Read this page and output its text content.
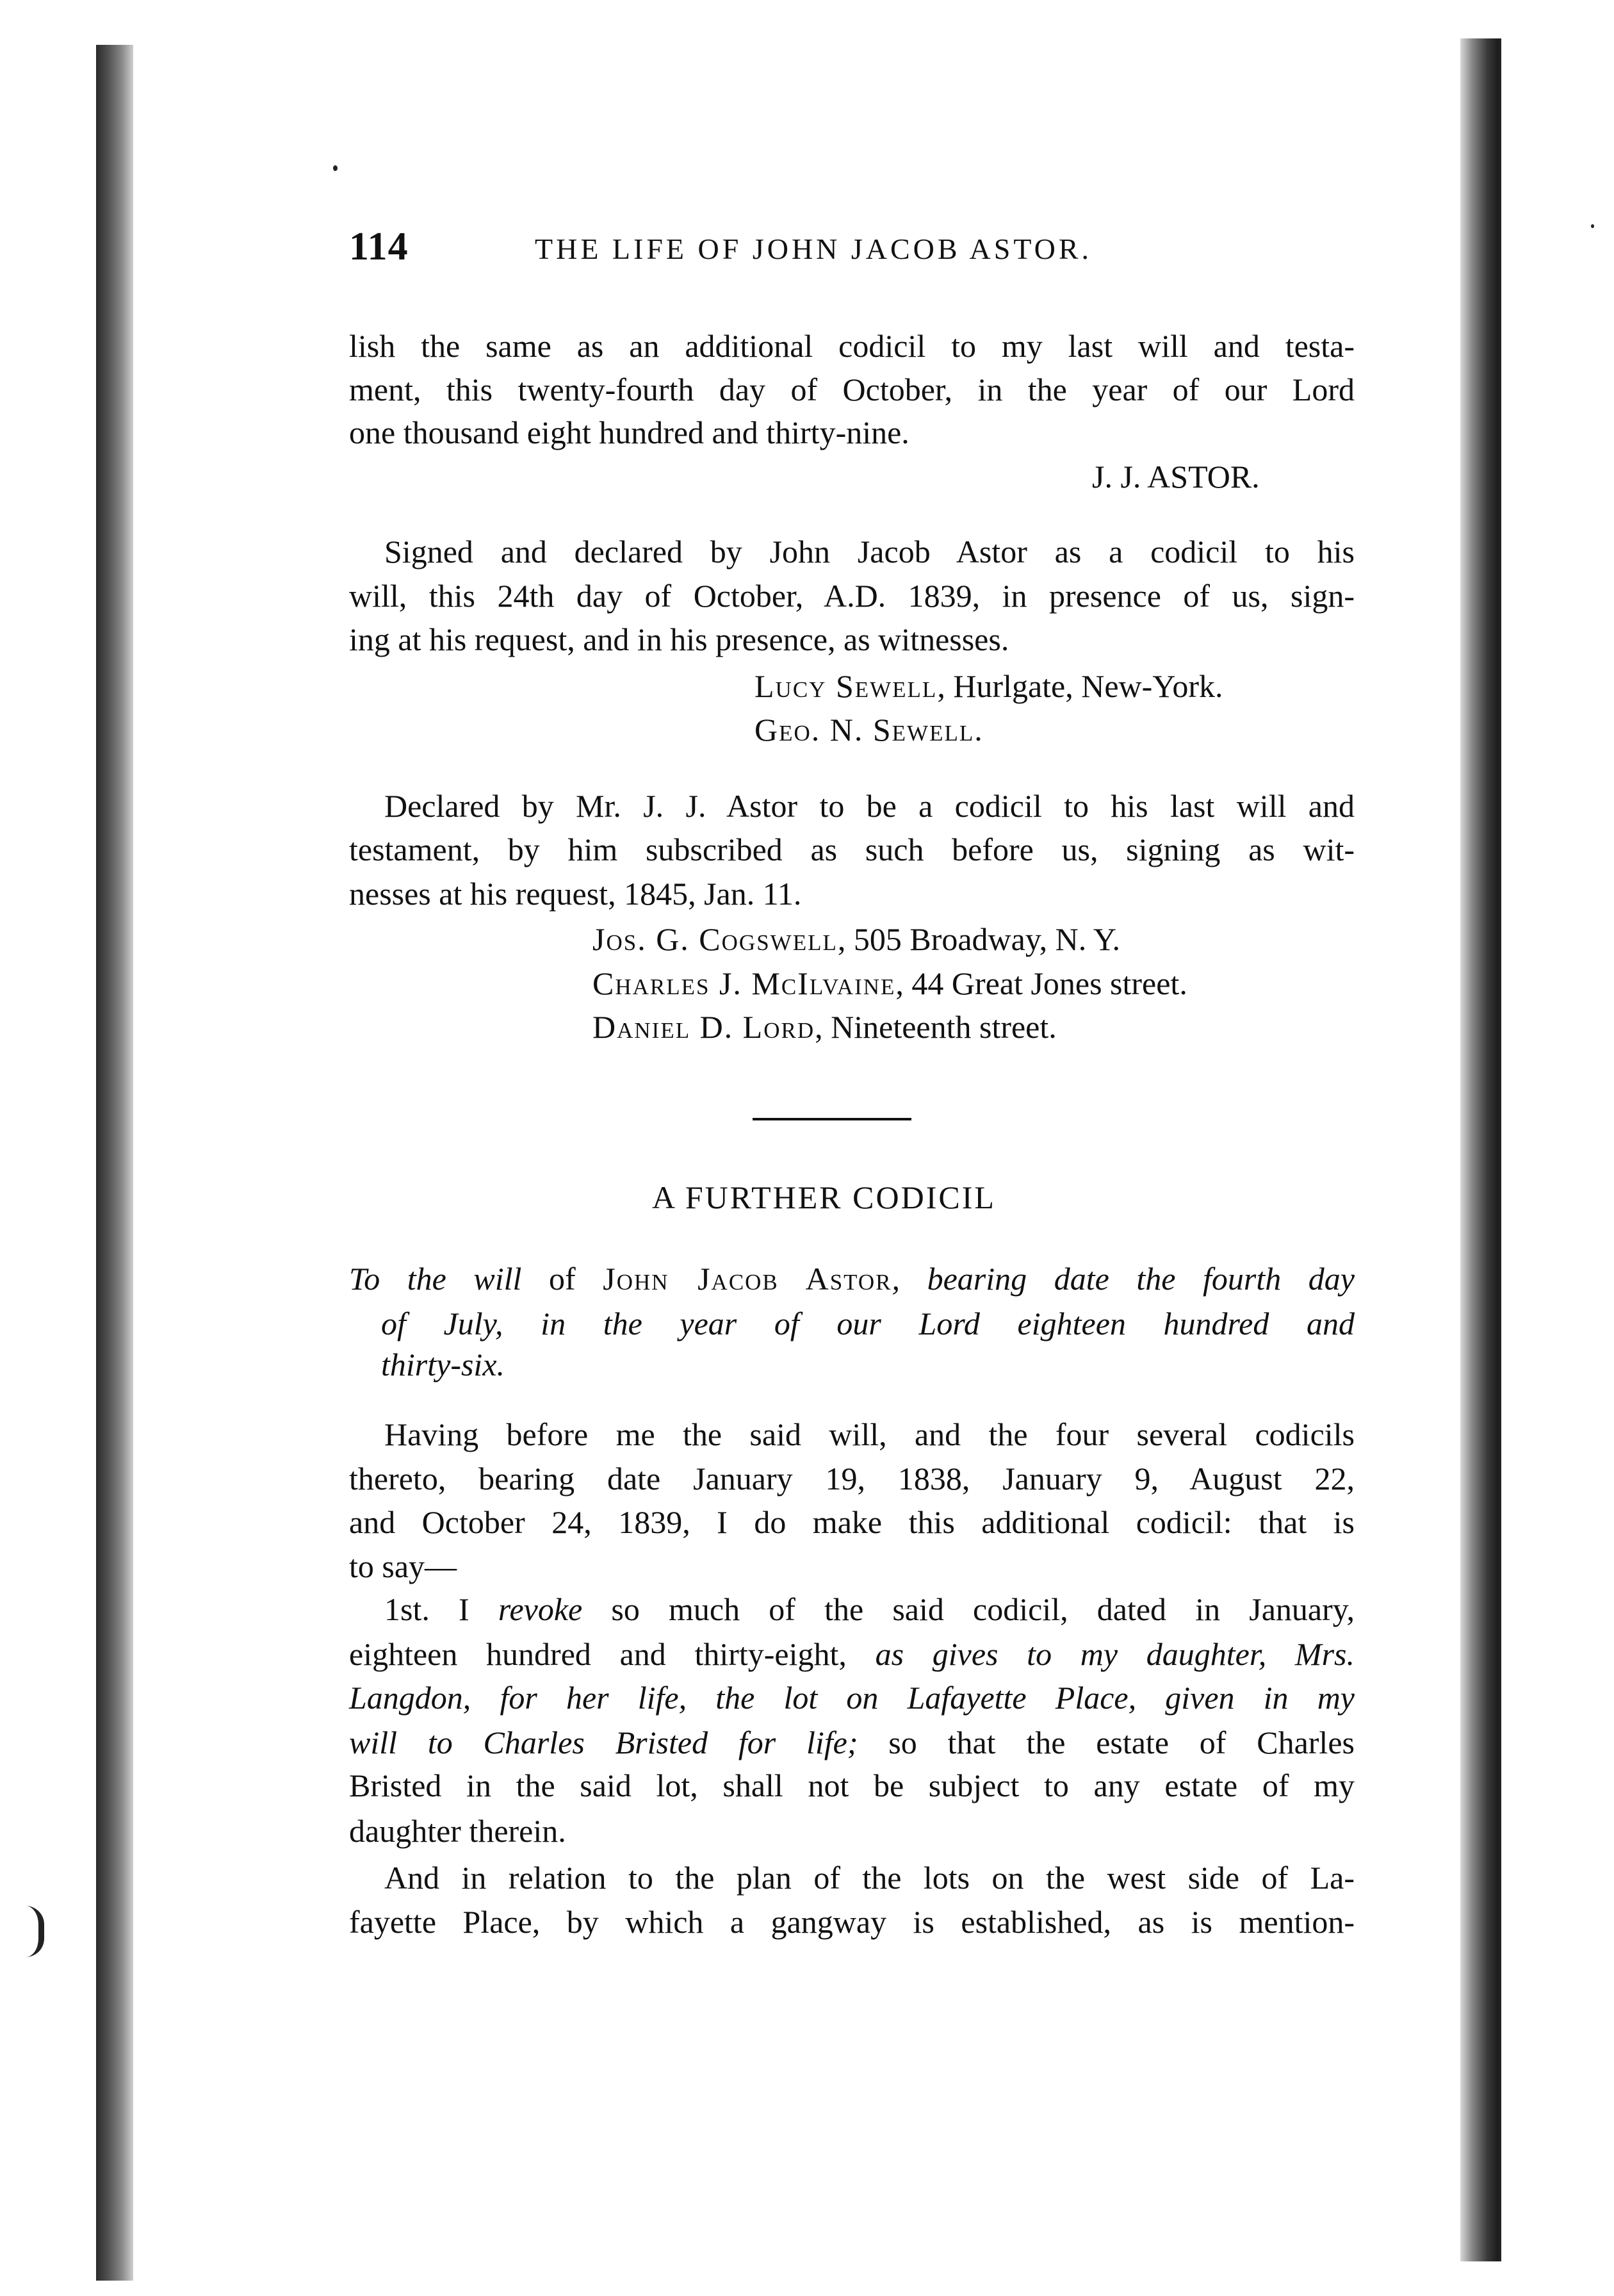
114	THE LIFE OF JOHN JACOB ASTOR.
lish the same as an additional codicil to my last will and testa-
ment, this twenty-fourth day of October, in the year of our Lord
one thousand eight hundred and thirty-nine.
J. J. ASTOR.
Signed and declared by John Jacob Astor as a codicil to his
will, this 24th day of October, A.D. 1839, in presence of us, sign-
ing at his request, and in his presence, as witnesses.
Lucy Sewell, Hurlgate, New-York.
Geo. N. Sewell.
Declared by Mr. J. J. Astor to be a codicil to his last will and
testament, by him subscribed as such before us, signing as wit-
nesses at his request, 1845, Jan. 11.
Jos. G. Cogswell, 505 Broadway, N. Y.
Charles J. McIlvaine, 44 Great Jones street.
Daniel D. Lord, Nineteenth street.
A FURTHER CODICIL
To the will of John Jacob Astor, bearing date the fourth day
of July, in the year of our Lord eighteen hundred and
thirty-six.
Having before me the said will, and the four several codicils
thereto, bearing date January 19, 1838, January 9, August 22,
and October 24, 1839, I do make this additional codicil: that is
to say—
1st. I revoke so much of the said codicil, dated in January,
eighteen hundred and thirty-eight, as gives to my daughter, Mrs.
Langdon, for her life, the lot on Lafayette Place, given in my
will to Charles Bristed for life; so that the estate of Charles
Bristed in the said lot, shall not be subject to any estate of my
daughter therein.
And in relation to the plan of the lots on the west side of La-
fayette Place, by which a gangway is established, as is mention-
